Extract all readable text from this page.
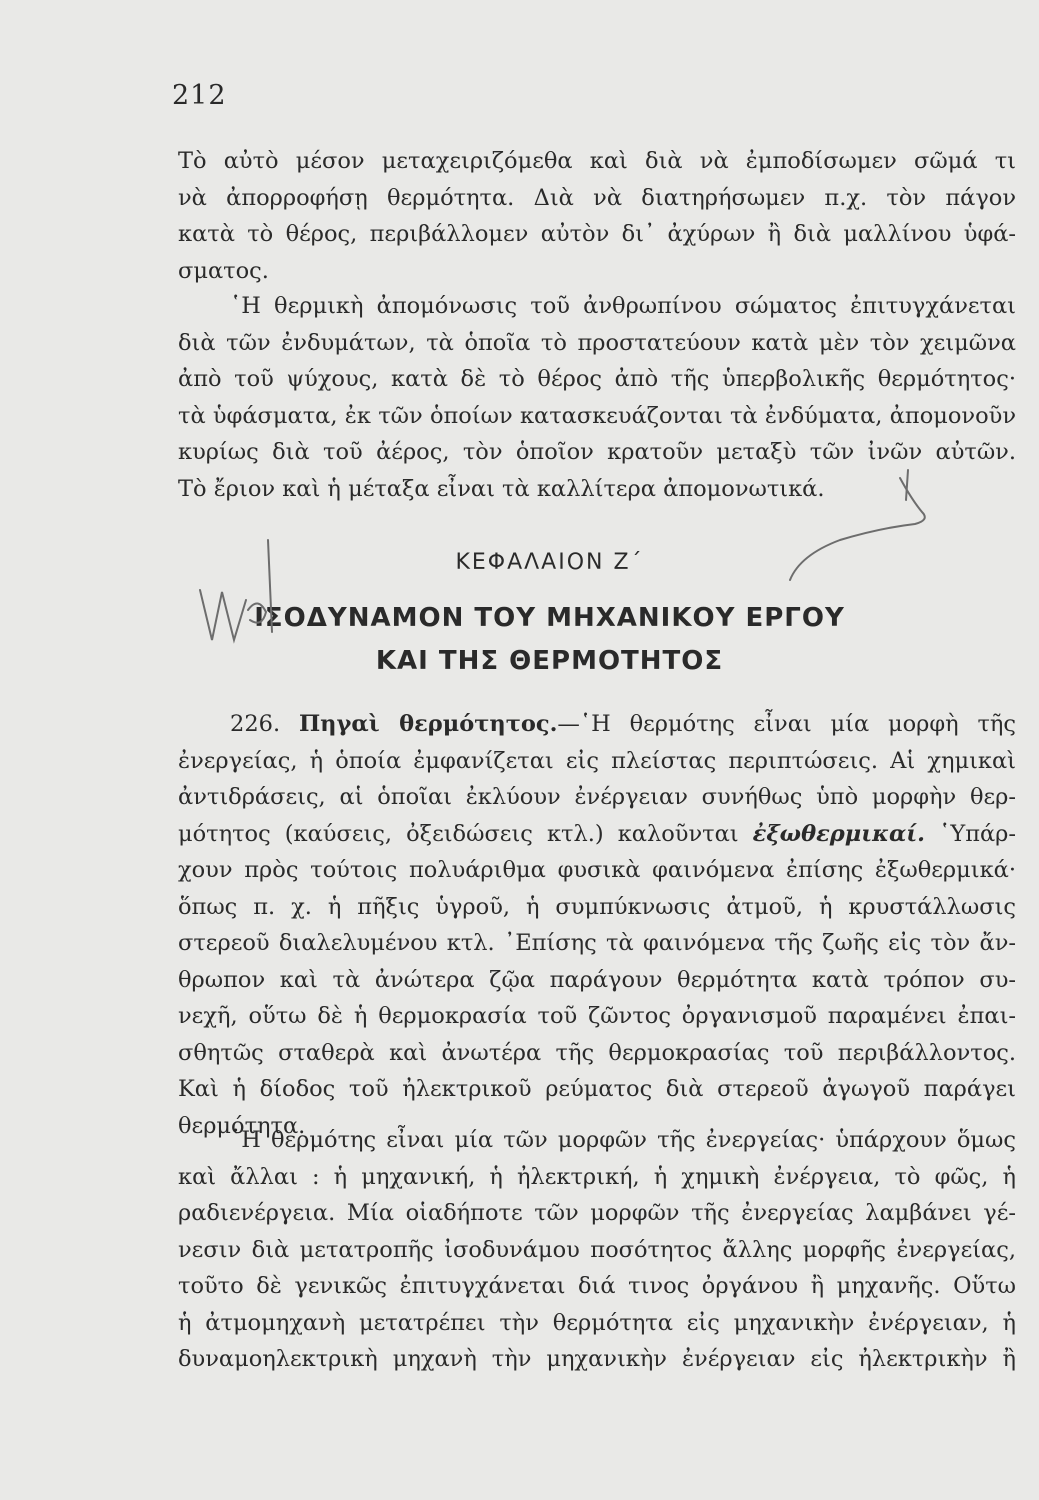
212
Τὸ αὐτὸ μέσον μεταχειριζόμεθα καὶ διὰ νὰ ἐμποδίσωμεν σῶμά τι
νὰ ἀπορροφήσῃ θερμότητα. Διὰ νὰ διατηρήσωμεν π.χ. τὸν πάγον
κατὰ τὸ θέρος, περιβάλλομεν αὐτὸν δι᾿ ἀχύρων ἢ διὰ μαλλίνου ὑφά-
σματος.
῾Η θερμικὴ ἀπομόνωσις τοῦ ἀνθρωπίνου σώματος ἐπιτυγχάνεται
διὰ τῶν ἐνδυμάτων, τὰ ὁποῖα τὸ προστατεύουν κατὰ μὲν τὸν χειμῶνα
ἀπὸ τοῦ ψύχους, κατὰ δὲ τὸ θέρος ἀπὸ τῆς ὑπερβολικῆς θερμότητος·
τὰ ὑφάσματα, ἐκ τῶν ὁποίων κατασκευάζονται τὰ ἐνδύματα, ἀπομονοῦν
κυρίως διὰ τοῦ ἀέρος, τὸν ὁποῖον κρατοῦν μεταξὺ τῶν ἰνῶν αὐτῶν.
Τὸ ἔριον καὶ ἡ μέταξα εἶναι τὰ καλλίτερα ἀπομονωτικά.
ΚΕΦΑΛΑΙΟΝ Ζ΄
ΙΣΟΔΥΝΑΜΟΝ ΤΟΥ ΜΗΧΑΝΙΚΟΥ ΕΡΓΟΥ
ΚΑΙ ΤΗΣ ΘΕΡΜΟΤΗΤΟΣ
226. Πηγαὶ θερμότητος.—῾Η θερμότης εἶναι μία μορφὴ τῆς
ἐνεργείας, ἡ ὁποία ἐμφανίζεται εἰς πλείστας περιπτώσεις. Αἱ χημικαὶ
ἀντιδράσεις, αἱ ὁποῖαι ἐκλύουν ἐνέργειαν συνήθως ὑπὸ μορφὴν θερ-
μότητος (καύσεις, ὀξειδώσεις κτλ.) καλοῦνται ἐξωθερμικαί. ῾Υπάρ-
χουν πρὸς τούτοις πολυάριθμα φυσικὰ φαινόμενα ἐπίσης ἐξωθερμικά·
ὅπως π. χ. ἡ πῆξις ὑγροῦ, ἡ συμπύκνωσις ἀτμοῦ, ἡ κρυστάλλωσις
στερεοῦ διαλελυμένου κτλ. ᾿Επίσης τὰ φαινόμενα τῆς ζωῆς εἰς τὸν ἄν-
θρωπον καὶ τὰ ἀνώτερα ζῷα παράγουν θερμότητα κατὰ τρόπον συ-
νεχῆ, οὕτω δὲ ἡ θερμοκρασία τοῦ ζῶντος ὀργανισμοῦ παραμένει ἐπαι-
σθητῶς σταθερὰ καὶ ἀνωτέρα τῆς θερμοκρασίας τοῦ περιβάλλοντος.
Καὶ ἡ δίοδος τοῦ ἠλεκτρικοῦ ρεύματος διὰ στερεοῦ ἀγωγοῦ παράγει
θερμότητα.
῾Η θερμότης εἶναι μία τῶν μορφῶν τῆς ἐνεργείας· ὑπάρχουν ὅμως
καὶ ἄλλαι : ἡ μηχανική, ἡ ἠλεκτρική, ἡ χημικὴ ἐνέργεια, τὸ φῶς, ἡ
ραδιενέργεια. Μία οἱαδήποτε τῶν μορφῶν τῆς ἐνεργείας λαμβάνει γέ-
νεσιν διὰ μετατροπῆς ἰσοδυνάμου ποσότητος ἄλλης μορφῆς ἐνεργείας,
τοῦτο δὲ γενικῶς ἐπιτυγχάνεται διά τινος ὀργάνου ἢ μηχανῆς. Οὕτω
ἡ ἀτμομηχανὴ μετατρέπει τὴν θερμότητα εἰς μηχανικὴν ἐνέργειαν, ἡ
δυναμοηλεκτρικὴ μηχανὴ τὴν μηχανικὴν ἐνέργειαν εἰς ἠλεκτρικὴν ἢ
